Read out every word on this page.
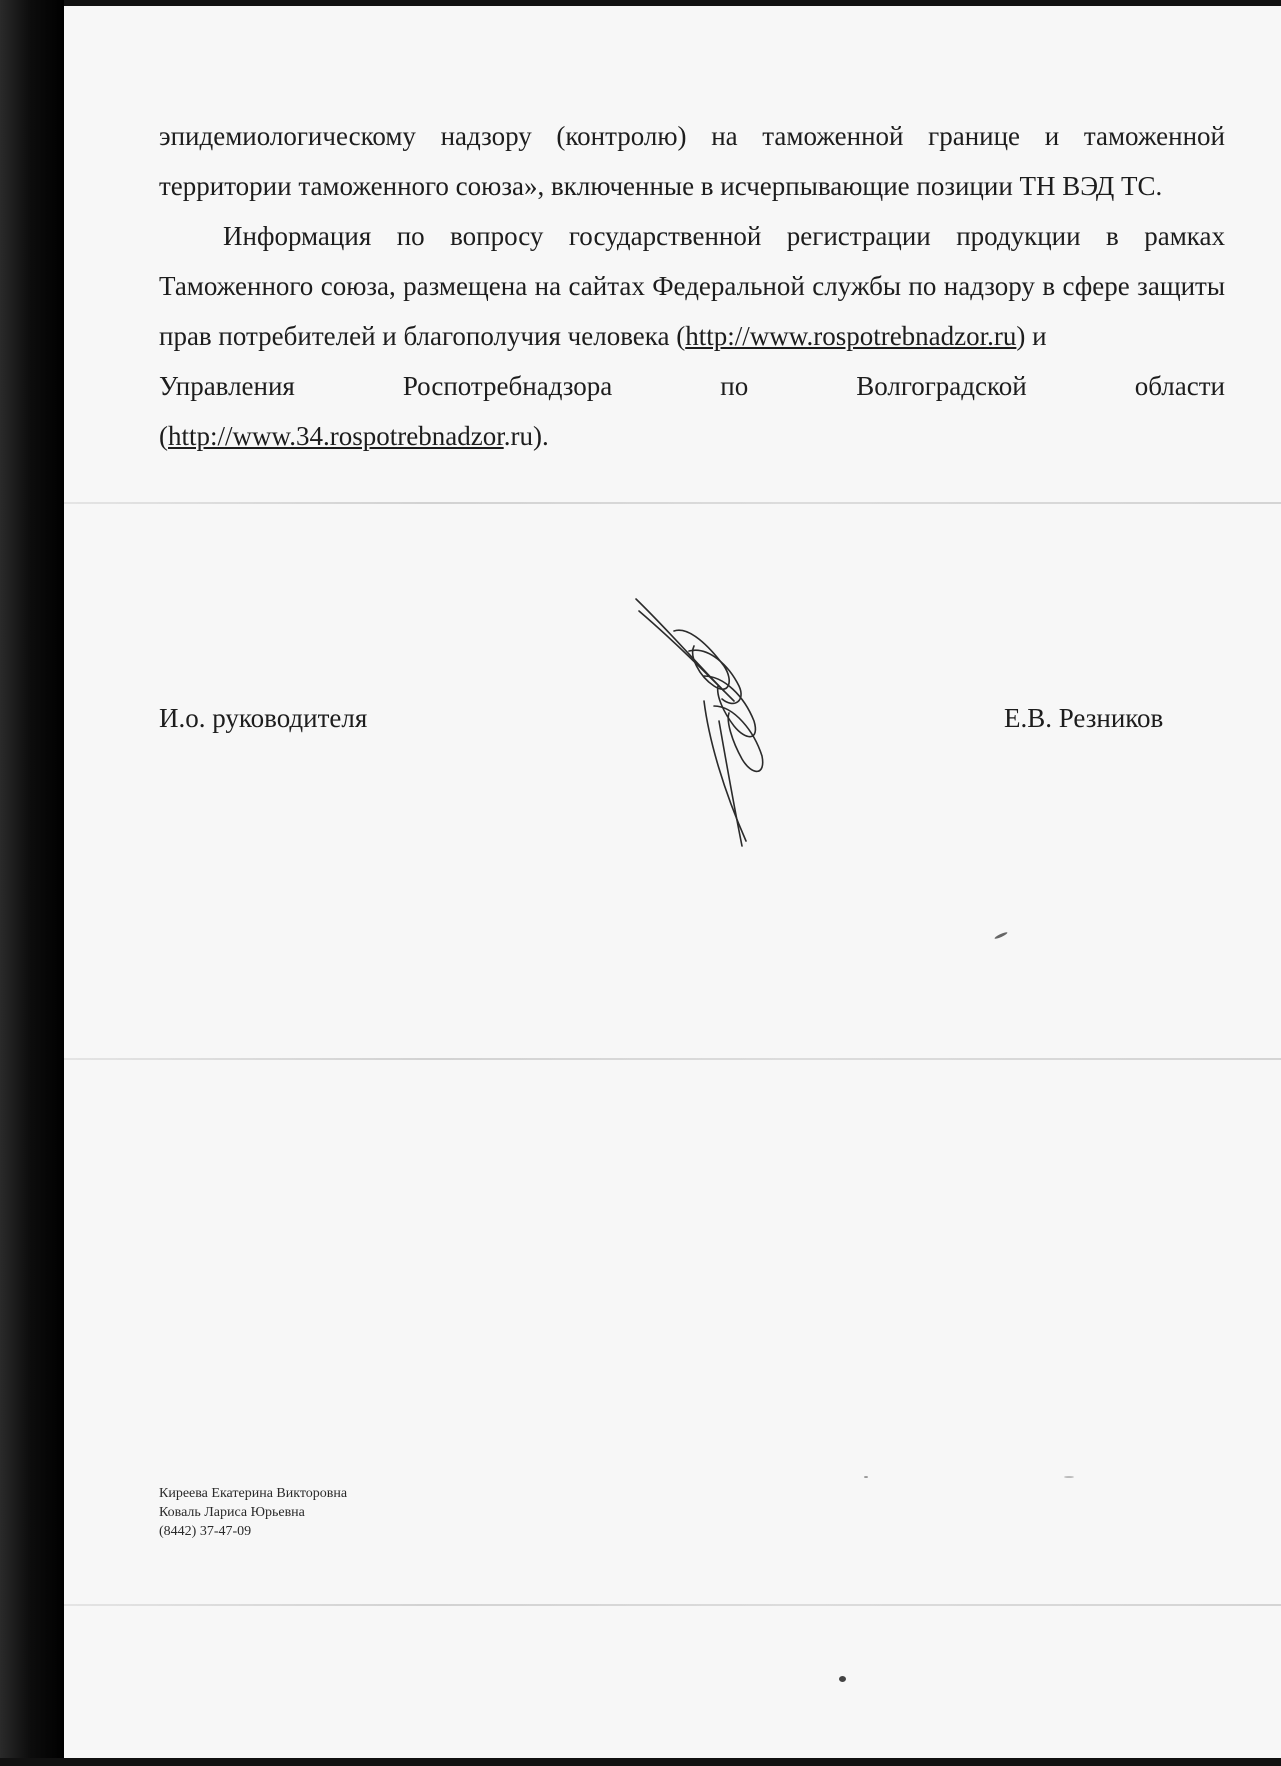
эпидемиологическому надзору (контролю) на таможенной границе и таможенной
территории таможенного союза», включенные в исчерпывающие позиции ТН ВЭД ТС.
Информация по вопросу государственной регистрации продукции в рамках Таможенного союза, размещена на сайтах Федеральной службы по надзору в сфере защиты прав потребителей и благополучия человека (http://www.rospotrebnadzor.ru) и
Управления	Роспотребнадзора	по	Волгоградской	области
(http://www.34.rospotrebnadzor.ru).
И.о. руководителя	Е.В. Резников
Киреева Екатерина Викторовна
Коваль Лариса Юрьевна
(8442) 37-47-09
